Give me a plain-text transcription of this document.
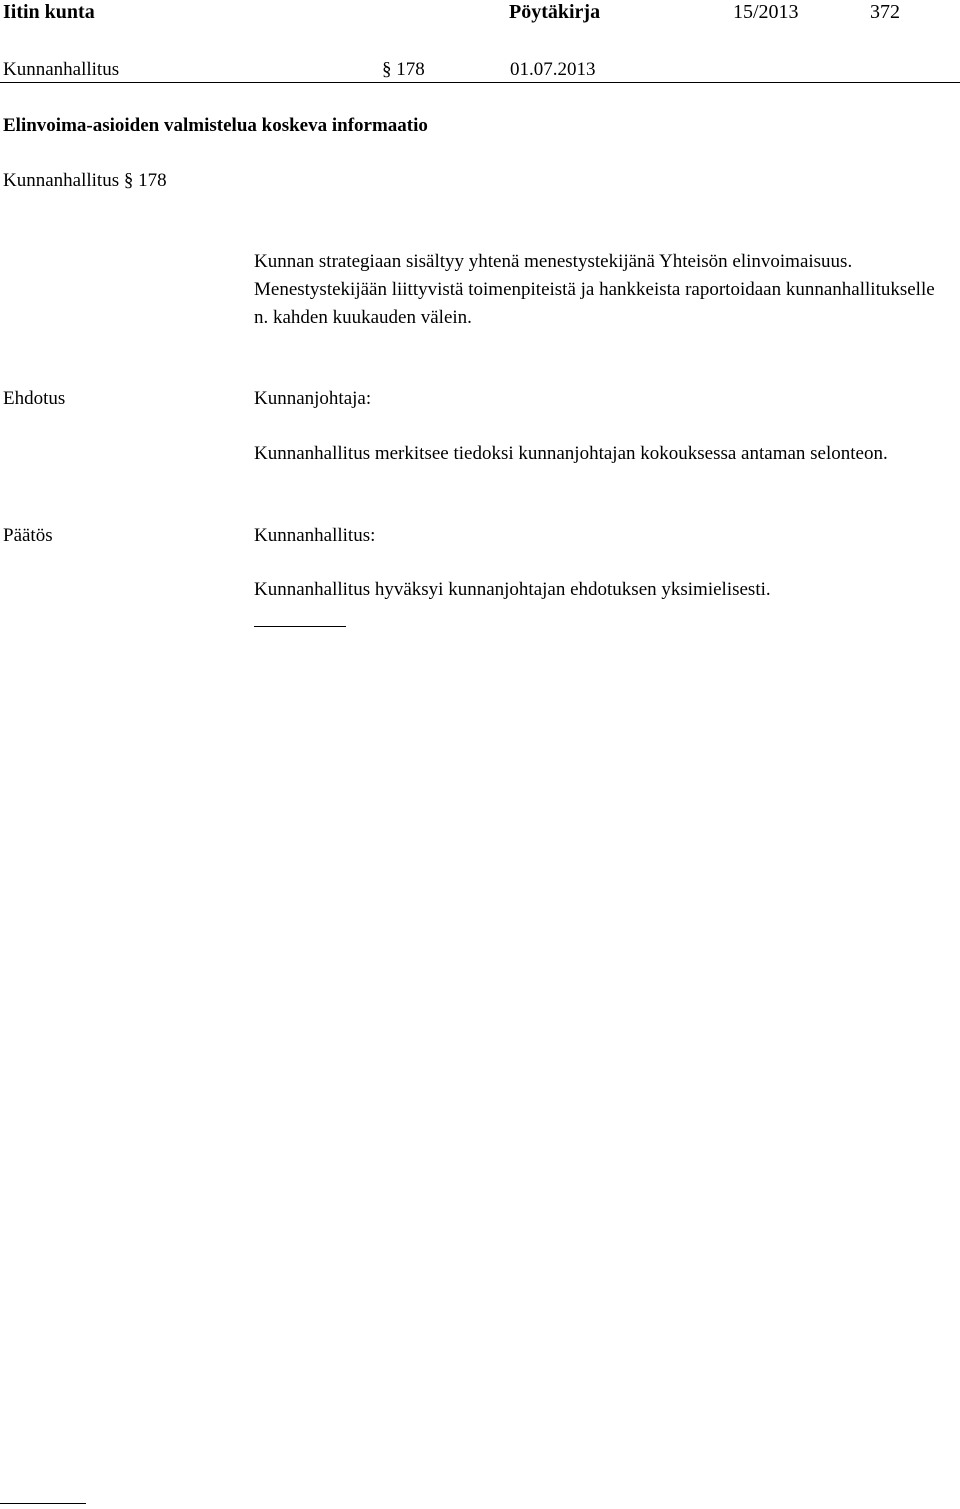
Iitin kunta	Pöytäkirja	15/2013	372
Kunnanhallitus	§ 178	01.07.2013
Elinvoima-asioiden valmistelua koskeva informaatio
Kunnanhallitus § 178
Kunnan strategiaan sisältyy yhtenä menestystekijänä Yhteisön elinvoimaisuus. Menestystekijään liittyvistä toimenpiteistä ja hankkeista raportoidaan kunnanhallitukselle n. kahden kuukauden välein.
Ehdotus	Kunnanjohtaja:
Kunnanhallitus merkitsee tiedoksi kunnanjohtajan kokouksessa antaman selonteon.
Päätös	Kunnanhallitus:
Kunnanhallitus hyväksyi kunnanjohtajan ehdotuksen yksimielisesti.
